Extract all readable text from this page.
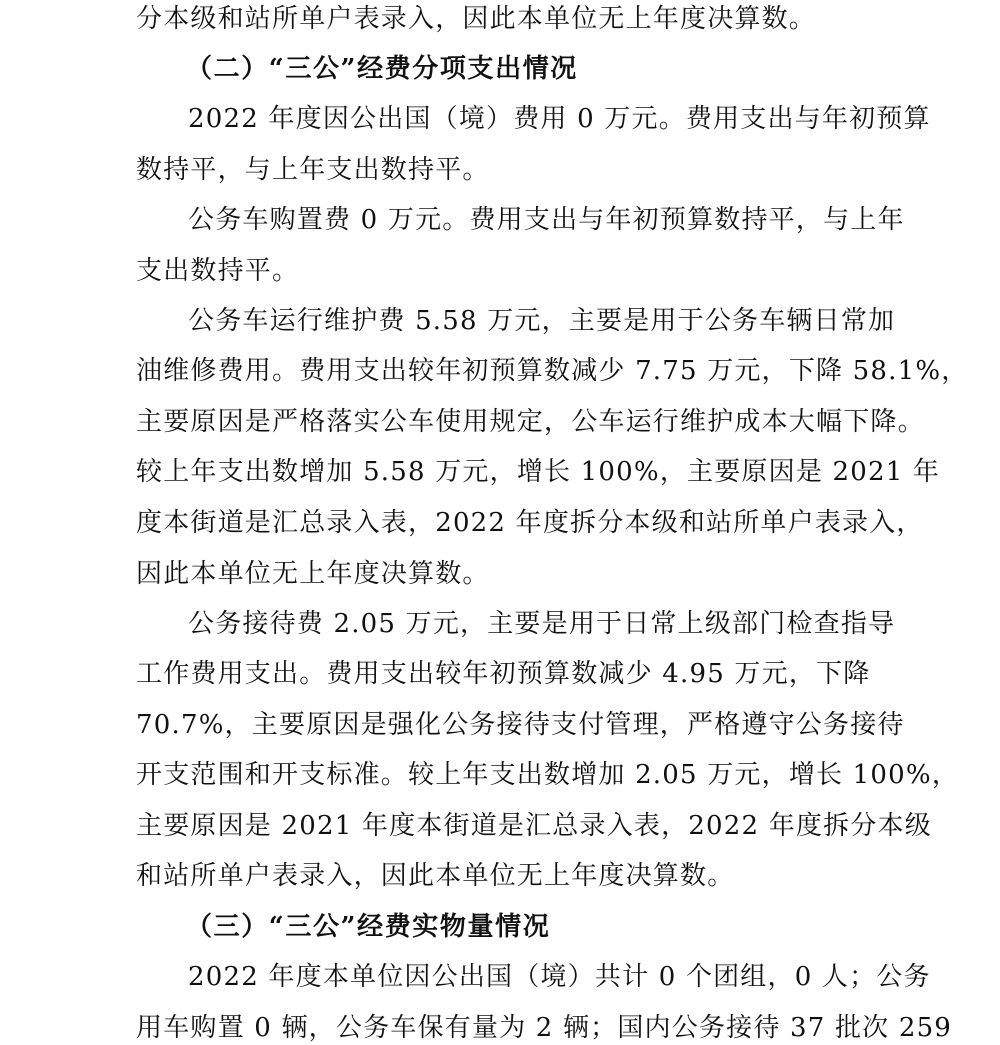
分本级和站所单户表录入，因此本单位无上年度决算数。
（二）“三公”经费分项支出情况
2022 年度因公出国（境）费用 0 万元。费用支出与年初预算
数持平，与上年支出数持平。
公务车购置费 0 万元。费用支出与年初预算数持平，与上年
支出数持平。
公务车运行维护费 5.58 万元，主要是用于公务车辆日常加
油维修费用。费用支出较年初预算数减少 7.75 万元，下降 58.1%，
主要原因是严格落实公车使用规定，公车运行维护成本大幅下降。
较上年支出数增加 5.58 万元，增长 100%，主要原因是 2021 年
度本街道是汇总录入表，2022 年度拆分本级和站所单户表录入，
因此本单位无上年度决算数。
公务接待费 2.05 万元，主要是用于日常上级部门检查指导
工作费用支出。费用支出较年初预算数减少 4.95 万元，下降
70.7%，主要原因是强化公务接待支付管理，严格遵守公务接待
开支范围和开支标准。较上年支出数增加 2.05 万元，增长 100%，
主要原因是 2021 年度本街道是汇总录入表，2022 年度拆分本级
和站所单户表录入，因此本单位无上年度决算数。
（三）“三公”经费实物量情况
2022 年度本单位因公出国（境）共计 0 个团组，0 人；公务
用车购置 0 辆，公务车保有量为 2 辆；国内公务接待 37 批次 259
